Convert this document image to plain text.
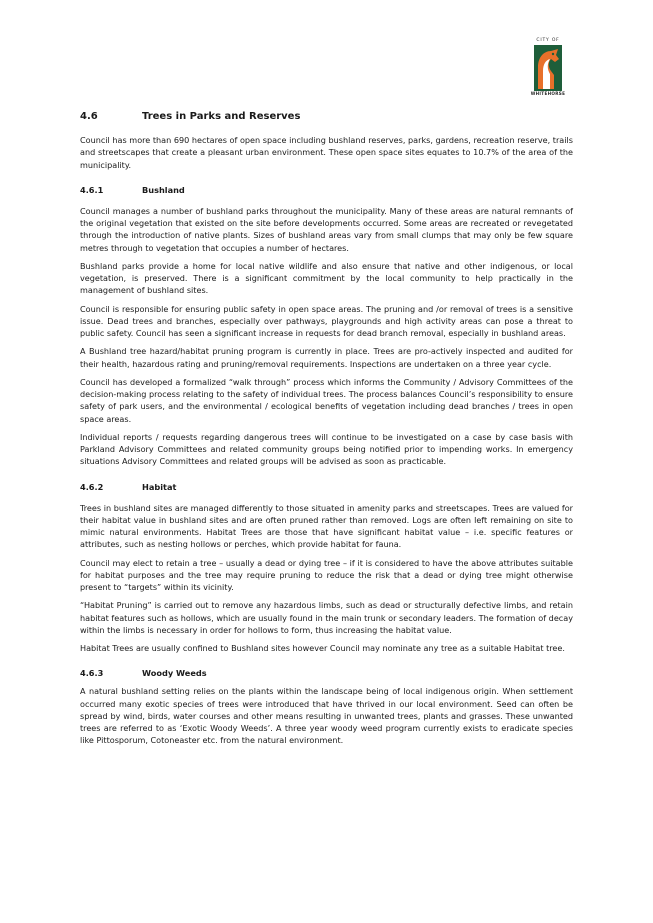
CITY OF
WHITEHORSE
4.6	Trees in Parks and Reserves

Council has more than 690 hectares of open space including bushland reserves, parks, gardens, recreation reserve, trails and streetscapes that create a pleasant urban environment. These open space sites equates to 10.7% of the area of the municipality.

4.6.1	Bushland

Council manages a number of bushland parks throughout the municipality. Many of these areas are natural remnants of the original vegetation that existed on the site before developments occurred. Some areas are recreated or revegetated through the introduction of native plants. Sizes of bushland areas vary from small clumps that may only be few square metres through to vegetation that occupies a number of hectares.

Bushland parks provide a home for local native wildlife and also ensure that native and other indigenous, or local vegetation, is preserved. There is a significant commitment by the local community to help practically in the management of bushland sites.

Council is responsible for ensuring public safety in open space areas. The pruning and /or removal of trees is a sensitive issue. Dead trees and branches, especially over pathways, playgrounds and high activity areas can pose a threat to public safety. Council has seen a significant increase in requests for dead branch removal, especially in bushland areas.

A Bushland tree hazard/habitat pruning program is currently in place. Trees are pro-actively inspected and audited for their health, hazardous rating and pruning/removal requirements. Inspections are undertaken on a three year cycle.

Council has developed a formalized “walk through” process which informs the Community / Advisory Committees of the decision-making process relating to the safety of individual trees. The process balances Council’s responsibility to ensure safety of park users, and the environmental / ecological benefits of vegetation including dead branches / trees in open space areas.

Individual reports / requests regarding dangerous trees will continue to be investigated on a case by case basis with Parkland Advisory Committees and related community groups being notified prior to impending works. In emergency situations Advisory Committees and related groups will be advised as soon as practicable.

4.6.2	Habitat

Trees in bushland sites are managed differently to those situated in amenity parks and streetscapes. Trees are valued for their habitat value in bushland sites and are often pruned rather than removed. Logs are often left remaining on site to mimic natural environments. Habitat Trees are those that have significant habitat value – i.e. specific features or attributes, such as nesting hollows or perches, which provide habitat for fauna.

Council may elect to retain a tree – usually a dead or dying tree – if it is considered to have the above attributes suitable for habitat purposes and the tree may require pruning to reduce the risk that a dead or dying tree might otherwise present to “targets” within its vicinity.

“Habitat Pruning” is carried out to remove any hazardous limbs, such as dead or structurally defective limbs, and retain habitat features such as hollows, which are usually found in the main trunk or secondary leaders. The formation of decay within the limbs is necessary in order for hollows to form, thus increasing the habitat value.

Habitat Trees are usually confined to Bushland sites however Council may nominate any tree as a suitable Habitat tree.

4.6.3	Woody Weeds

A natural bushland setting relies on the plants within the landscape being of local indigenous origin. When settlement occurred many exotic species of trees were introduced that have thrived in our local environment. Seed can often be spread by wind, birds, water courses and other means resulting in unwanted trees, plants and grasses. These unwanted trees are referred to as ‘Exotic Woody Weeds’. A three year woody weed program currently exists to eradicate species like Pittosporum, Cotoneaster etc. from the natural environment.
